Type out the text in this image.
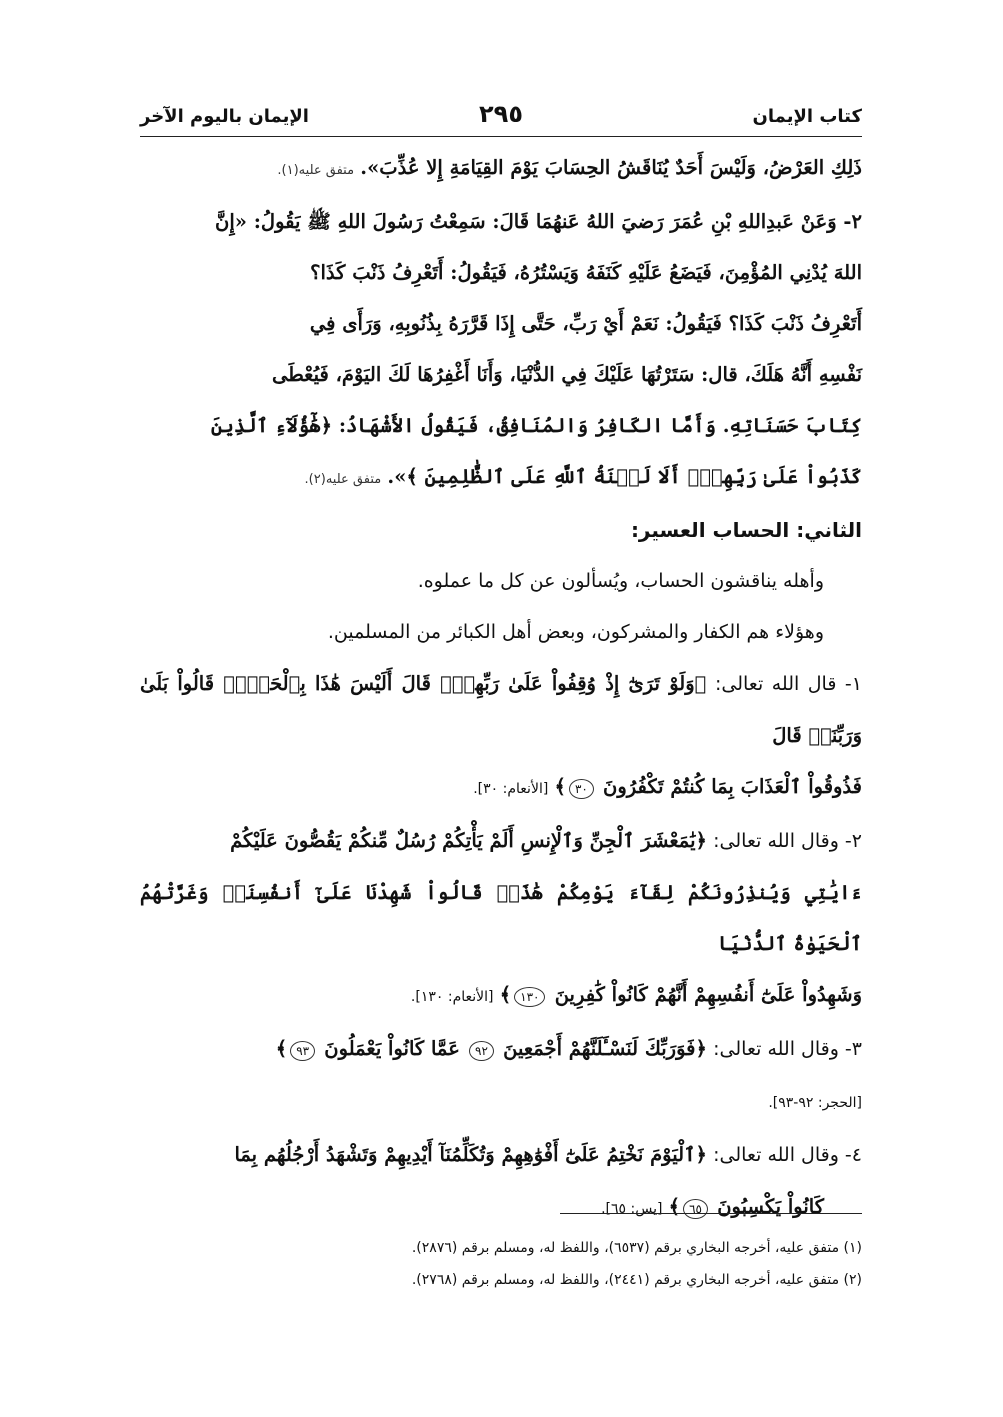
كتاب الإيمان
٢٩٥
الإيمان باليوم الآخر

ذَلِكِ العَرْضُ، وَلَيْسَ أَحَدٌ يُنَاقَشُ الحِسَابَ يَوْمَ القِيَامَةِ إِلا عُذِّبَ». متفق عليه(١).

٢- وَعَنْ عَبدِاللهِ بْنِ عُمَرَ رَضيَ اللهُ عَنهُمَا قَالَ: سَمِعْتُ رَسُولَ اللهِ ﷺ يَقُولُ: «إِنَّ

اللهَ يُدْنِي المُؤْمِنَ، فَيَضَعُ عَلَيْهِ كَنَفَهُ وَيَسْتُرُهُ، فَيَقُولُ: أَتَعْرِفُ ذَنْبَ كَذَا؟

أَتَعْرِفُ ذَنْبَ كَذَا؟ فَيَقُولُ: نَعَمْ أَيْ رَبِّ، حَتَّى إِذَا قَرَّرَهُ بِذُنُوبِهِ، وَرَأَى فِي

نَفْسِهِ أَنَّهُ هَلَكَ، قال: سَتَرْتُهَا عَلَيْكَ فِي الدُّنْيَا، وَأَنَا أَغْفِرُهَا لَكَ اليَوْمَ، فَيُعْطَى

كِتَابَ حَسَنَاتِهِ. وَأَمَّا الكَافِرُ وَالمُنَافِقُ، فَيَقُولُ الأَشْهَادُ: ﴿هَٰٓؤُلَآءِ ٱلَّذِينَ

كَذَبُواْ عَلَىٰ رَبِّهِمْۚ أَلَا لَعۡنَةُ ٱللَّهِ عَلَى ٱلظَّٰلِمِينَ ﴾». متفق عليه(٢).

الثاني: الحساب العسير:

وأهله يناقشون الحساب، ويُسألون عن كل ما عملوه.

وهؤلاء هم الكفار والمشركون، وبعض أهل الكبائر من المسلمين.

١- قال الله تعالى: ﴿وَلَوْ تَرَىٰٓ إِذْ وُقِفُواْ عَلَىٰ رَبِّهِمْۚ قَالَ أَلَيْسَ هَٰذَا بِٱلْحَقِّۚ قَالُواْ بَلَىٰ وَرَبِّنَاۚ قَالَ

فَذُوقُواْ ٱلْعَذَابَ بِمَا كُنتُمْ تَكْفُرُونَ ٣٠﴾ [الأنعام: ٣٠].

٢- وقال الله تعالى: ﴿يَٰمَعْشَرَ ٱلْجِنِّ وَٱلْإِنسِ أَلَمْ يَأْتِكُمْ رُسُلٌ مِّنكُمْ يَقُصُّونَ عَلَيْكُمْ

ءَايَٰتِي وَيُنذِرُونَكُمْ لِقَآءَ يَوْمِكُمْ هَٰذَاۚ قَالُواْ شَهِدْنَا عَلَىٰٓ أَنفُسِنَاۖ وَغَرَّتْهُمُ ٱلْحَيَوٰةُ ٱلدُّنْيَا

وَشَهِدُواْ عَلَىٰٓ أَنفُسِهِمْ أَنَّهُمْ كَانُواْ كَٰفِرِينَ ١٣٠﴾ [الأنعام: ١٣٠].

٣- وقال الله تعالى: ﴿فَوَرَبِّكَ لَنَسْـَٔلَنَّهُمْ أَجْمَعِينَ ٩٢ عَمَّا كَانُواْ يَعْمَلُونَ ٩٣﴾

[الحجر: ٩٢-٩٣].

٤- وقال الله تعالى: ﴿ٱلْيَوْمَ نَخْتِمُ عَلَىٰٓ أَفْوَٰهِهِمْ وَتُكَلِّمُنَآ أَيْدِيهِمْ وَتَشْهَدُ أَرْجُلُهُم بِمَا

كَانُواْ يَكْسِبُونَ ٦٥﴾ [يس: ٦٥].

(١) متفق عليه، أخرجه البخاري برقم (٦٥٣٧)، واللفظ له، ومسلم برقم (٢٨٧٦).

(٢) متفق عليه، أخرجه البخاري برقم (٢٤٤١)، واللفظ له، ومسلم برقم (٢٧٦٨).
